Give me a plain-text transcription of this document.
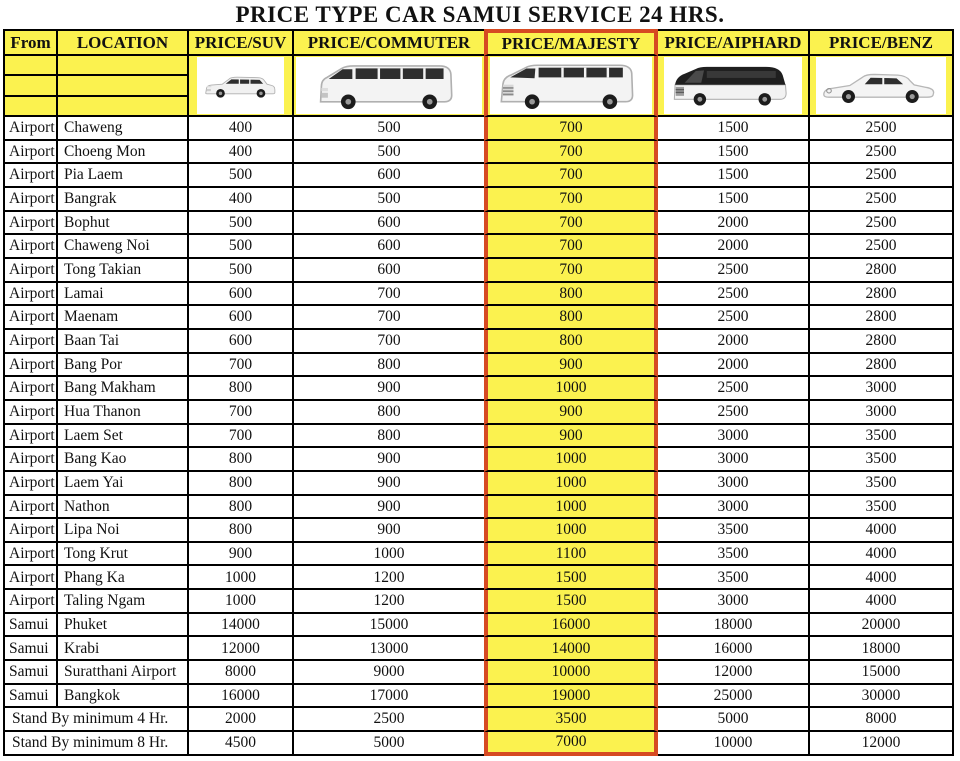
PRICE TYPE CAR SAMUI SERVICE 24 HRS.
From	LOCATION	PRICE/SUV	PRICE/COMMUTER	PRICE/MAJESTY	PRICE/AIPHARD	PRICE/BENZ
Airport Chaweng	400	500	700	1500	2500
Airport Choeng Mon	400	500	700	1500	2500
Airport Pia Laem	500	600	700	1500	2500
Airport Bangrak	400	500	700	1500	2500
Airport Bophut	500	600	700	2000	2500
Airport Chaweng Noi	500	600	700	2000	2500
Airport Tong Takian	500	600	700	2500	2800
Airport Lamai	600	700	800	2500	2800
Airport Maenam	600	700	800	2500	2800
Airport Baan Tai	600	700	800	2000	2800
Airport Bang Por	700	800	900	2000	2800
Airport Bang Makham	800	900	1000	2500	3000
Airport Hua Thanon	700	800	900	2500	3000
Airport Laem Set	700	800	900	3000	3500
Airport Bang Kao	800	900	1000	3000	3500
Airport Laem Yai	800	900	1000	3000	3500
Airport Nathon	800	900	1000	3000	3500
Airport Lipa Noi	800	900	1000	3500	4000
Airport Tong Krut	900	1000	1100	3500	4000
Airport Phang Ka	1000	1200	1500	3500	4000
Airport Taling Ngam	1000	1200	1500	3000	4000
Samui Phuket	14000	15000	16000	18000	20000
Samui Krabi	12000	13000	14000	16000	18000
Samui Suratthani Airport	8000	9000	10000	12000	15000
Samui Bangkok	16000	17000	19000	25000	30000
Stand By minimum 4 Hr.	2000	2500	3500	5000	8000
Stand By minimum 8 Hr.	4500	5000	7000	10000	12000
